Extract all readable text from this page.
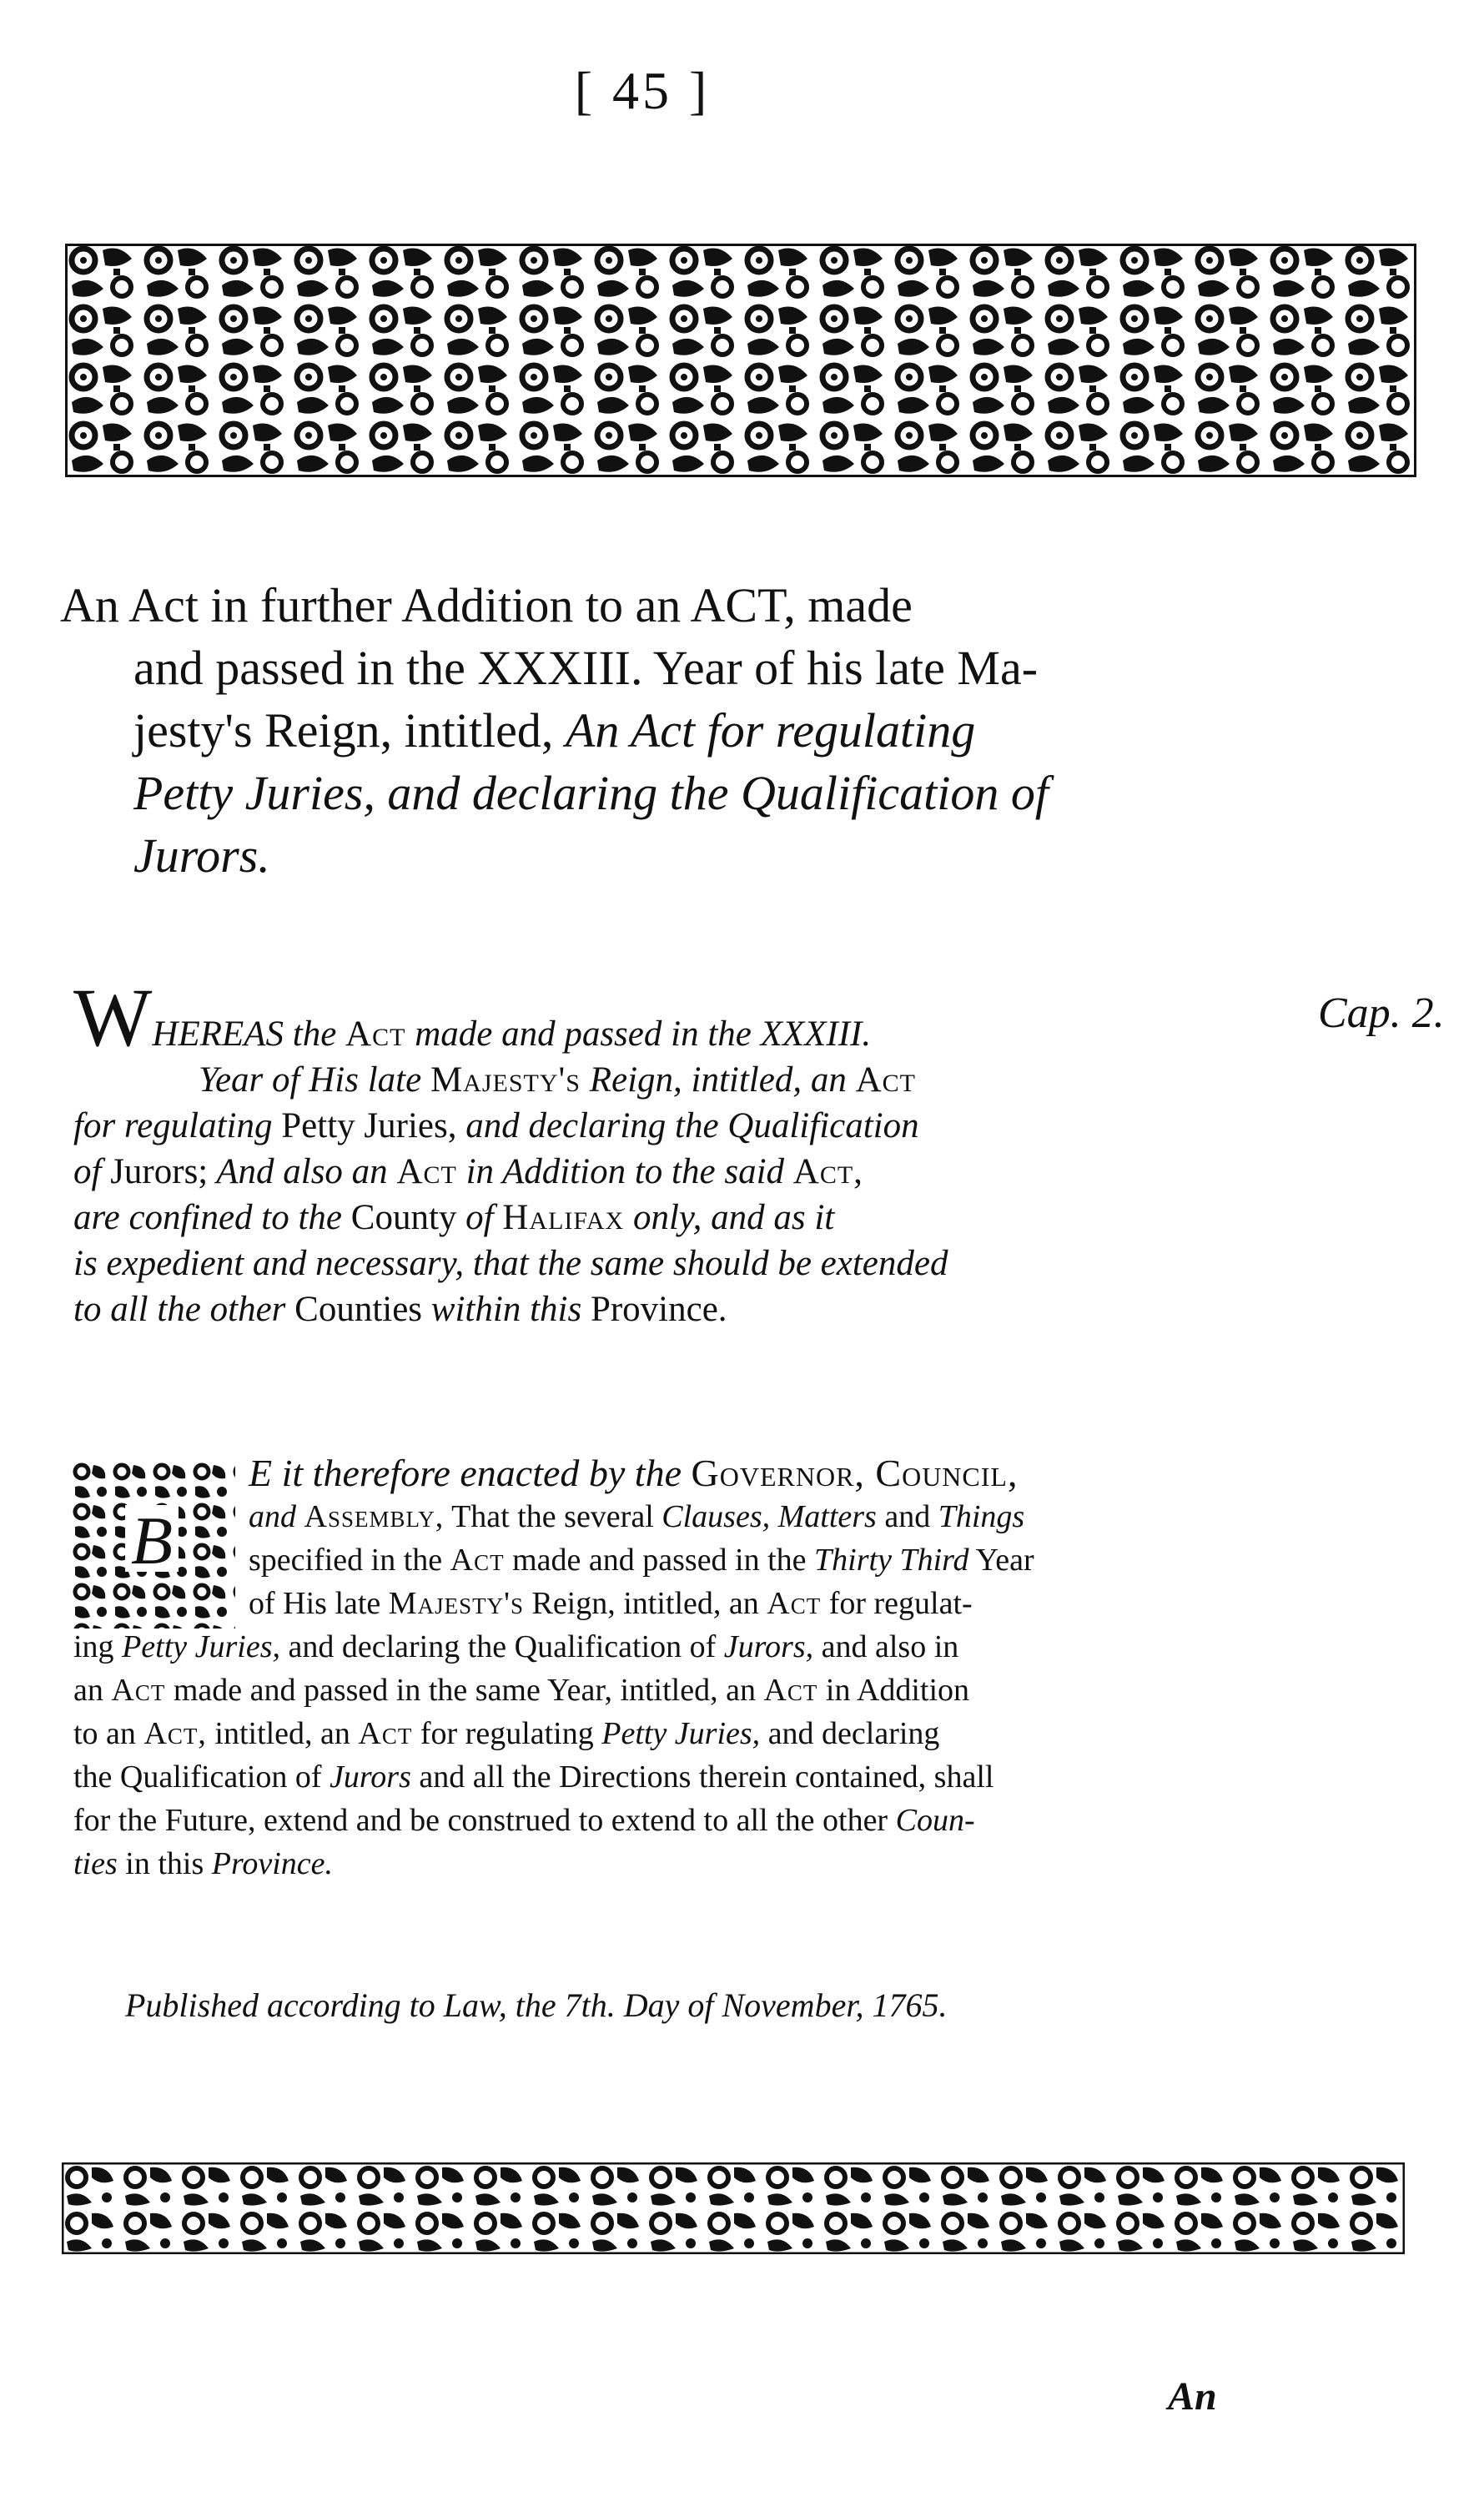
[ 45 ]
An Act in further Addition to an ACT, made
and passed in the XXXIII. Year of his late Ma-
jesty's Reign, intitled, An Act for regulating
Petty Juries, and declaring the Qualification of
Jurors.
Cap. 2.
WHEREAS the Act made and passed in the XXXIII.
Year of His late Majesty's Reign, intitled, an Act
for regulating Petty Juries, and declaring the Qualification
of Jurors; And also an Act in Addition to the said Act,
are confined to the County of Halifax only, and as it
is expedient and necessary, that the same should be extended
to all the other Counties within this Province.
B
E it therefore enacted by the Governor, Council,
and Assembly, That the several Clauses, Matters and Things
specified in the Act made and passed in the Thirty Third Year
of His late Majesty's Reign, intitled, an Act for regulat-
ing Petty Juries, and declaring the Qualification of Jurors, and also in
an Act made and passed in the same Year, intitled, an Act in Addition
to an Act, intitled, an Act for regulating Petty Juries, and declaring
the Qualification of Jurors and all the Directions therein contained, shall
for the Future, extend and be construed to extend to all the other Coun-
ties in this Province.
Published according to Law, the 7th. Day of November, 1765.
An
